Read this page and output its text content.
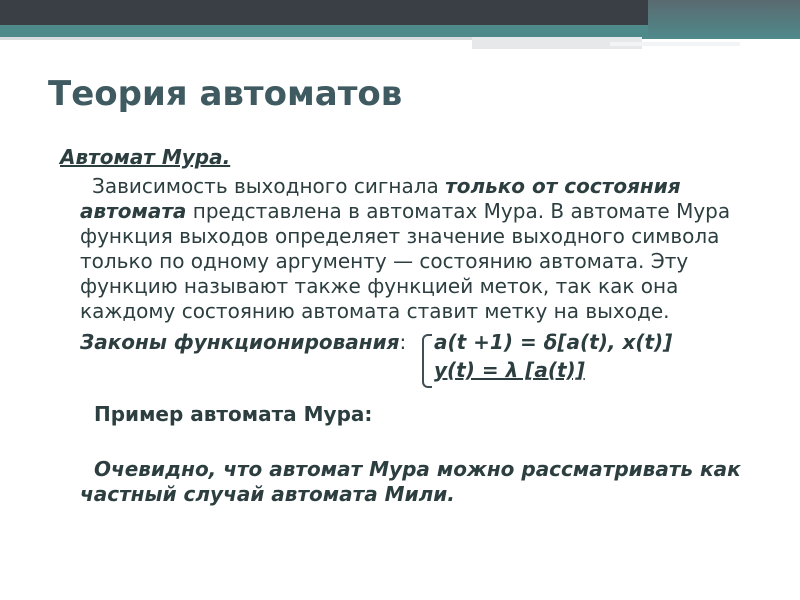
Теория автоматов
Автомат Мура.
Зависимость выходного сигнала только от состояния автомата представлена в автоматах Мура. В автомате Мура функция выходов определяет значение выходного символа только по одному аргументу — состоянию автомата. Эту функцию называют также функцией меток, так как она каждому состоянию автомата ставит метку на выходе.
Законы функционирования: a(t +1) = δ[a(t), x(t)]
y(t) = λ [a(t)]
Пример автомата Мура:
Очевидно, что автомат Мура можно рассматривать как частный случай автомата Мили.
